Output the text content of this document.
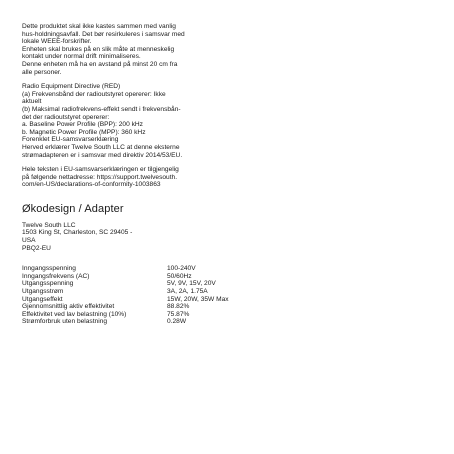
Dette produktet skal ikke kastes sammen med vanlig
hus-holdningsavfall. Det bør resirkuleres i samsvar med
lokale WEEE-forskrifter.
Enheten skal brukes på en slik måte at menneskelig
kontakt under normal drift minimaliseres.
Denne enheten må ha en avstand på minst 20 cm fra
alle personer.

Radio Equipment Directive (RED)
(a) Frekvensbånd der radioutstyret opererer: Ikke
aktuelt
(b) Maksimal radiofrekvens-effekt sendt i frekvensbån-
det der radioutstyret opererer:
a. Baseline Power Profile (BPP): 200 kHz
b. Magnetic Power Profile (MPP): 360 kHz
Forenklet EU-samsvarserklæring
Herved erklærer Twelve South LLC at denne eksterne
strømadapteren er i samsvar med direktiv 2014/53/EU.

Hele teksten i EU-samsvarserklæringen er tilgjengelig
på følgende nettadresse: https://support.twelvesouth.
com/en-US/declarations-of-conformity-1003863

Økodesign / Adapter

Twelve South LLC
1503 King St, Charleston, SC 29405 -
USA
PBQ2-EU

Inngangsspenning	100-240V
Inngangsfrekvens (AC)	50/60Hz
Utgangsspenning	5V, 9V, 15V, 20V
Utgangsstrøm	3A, 2A, 1.75A
Utgangseffekt	15W, 20W, 35W Max
Gjennomsnittlig aktiv effektivitet	88.82%
Effektivitet ved lav belastning (10%)	75.87%
Strømforbruk uten belastning	0.28W
